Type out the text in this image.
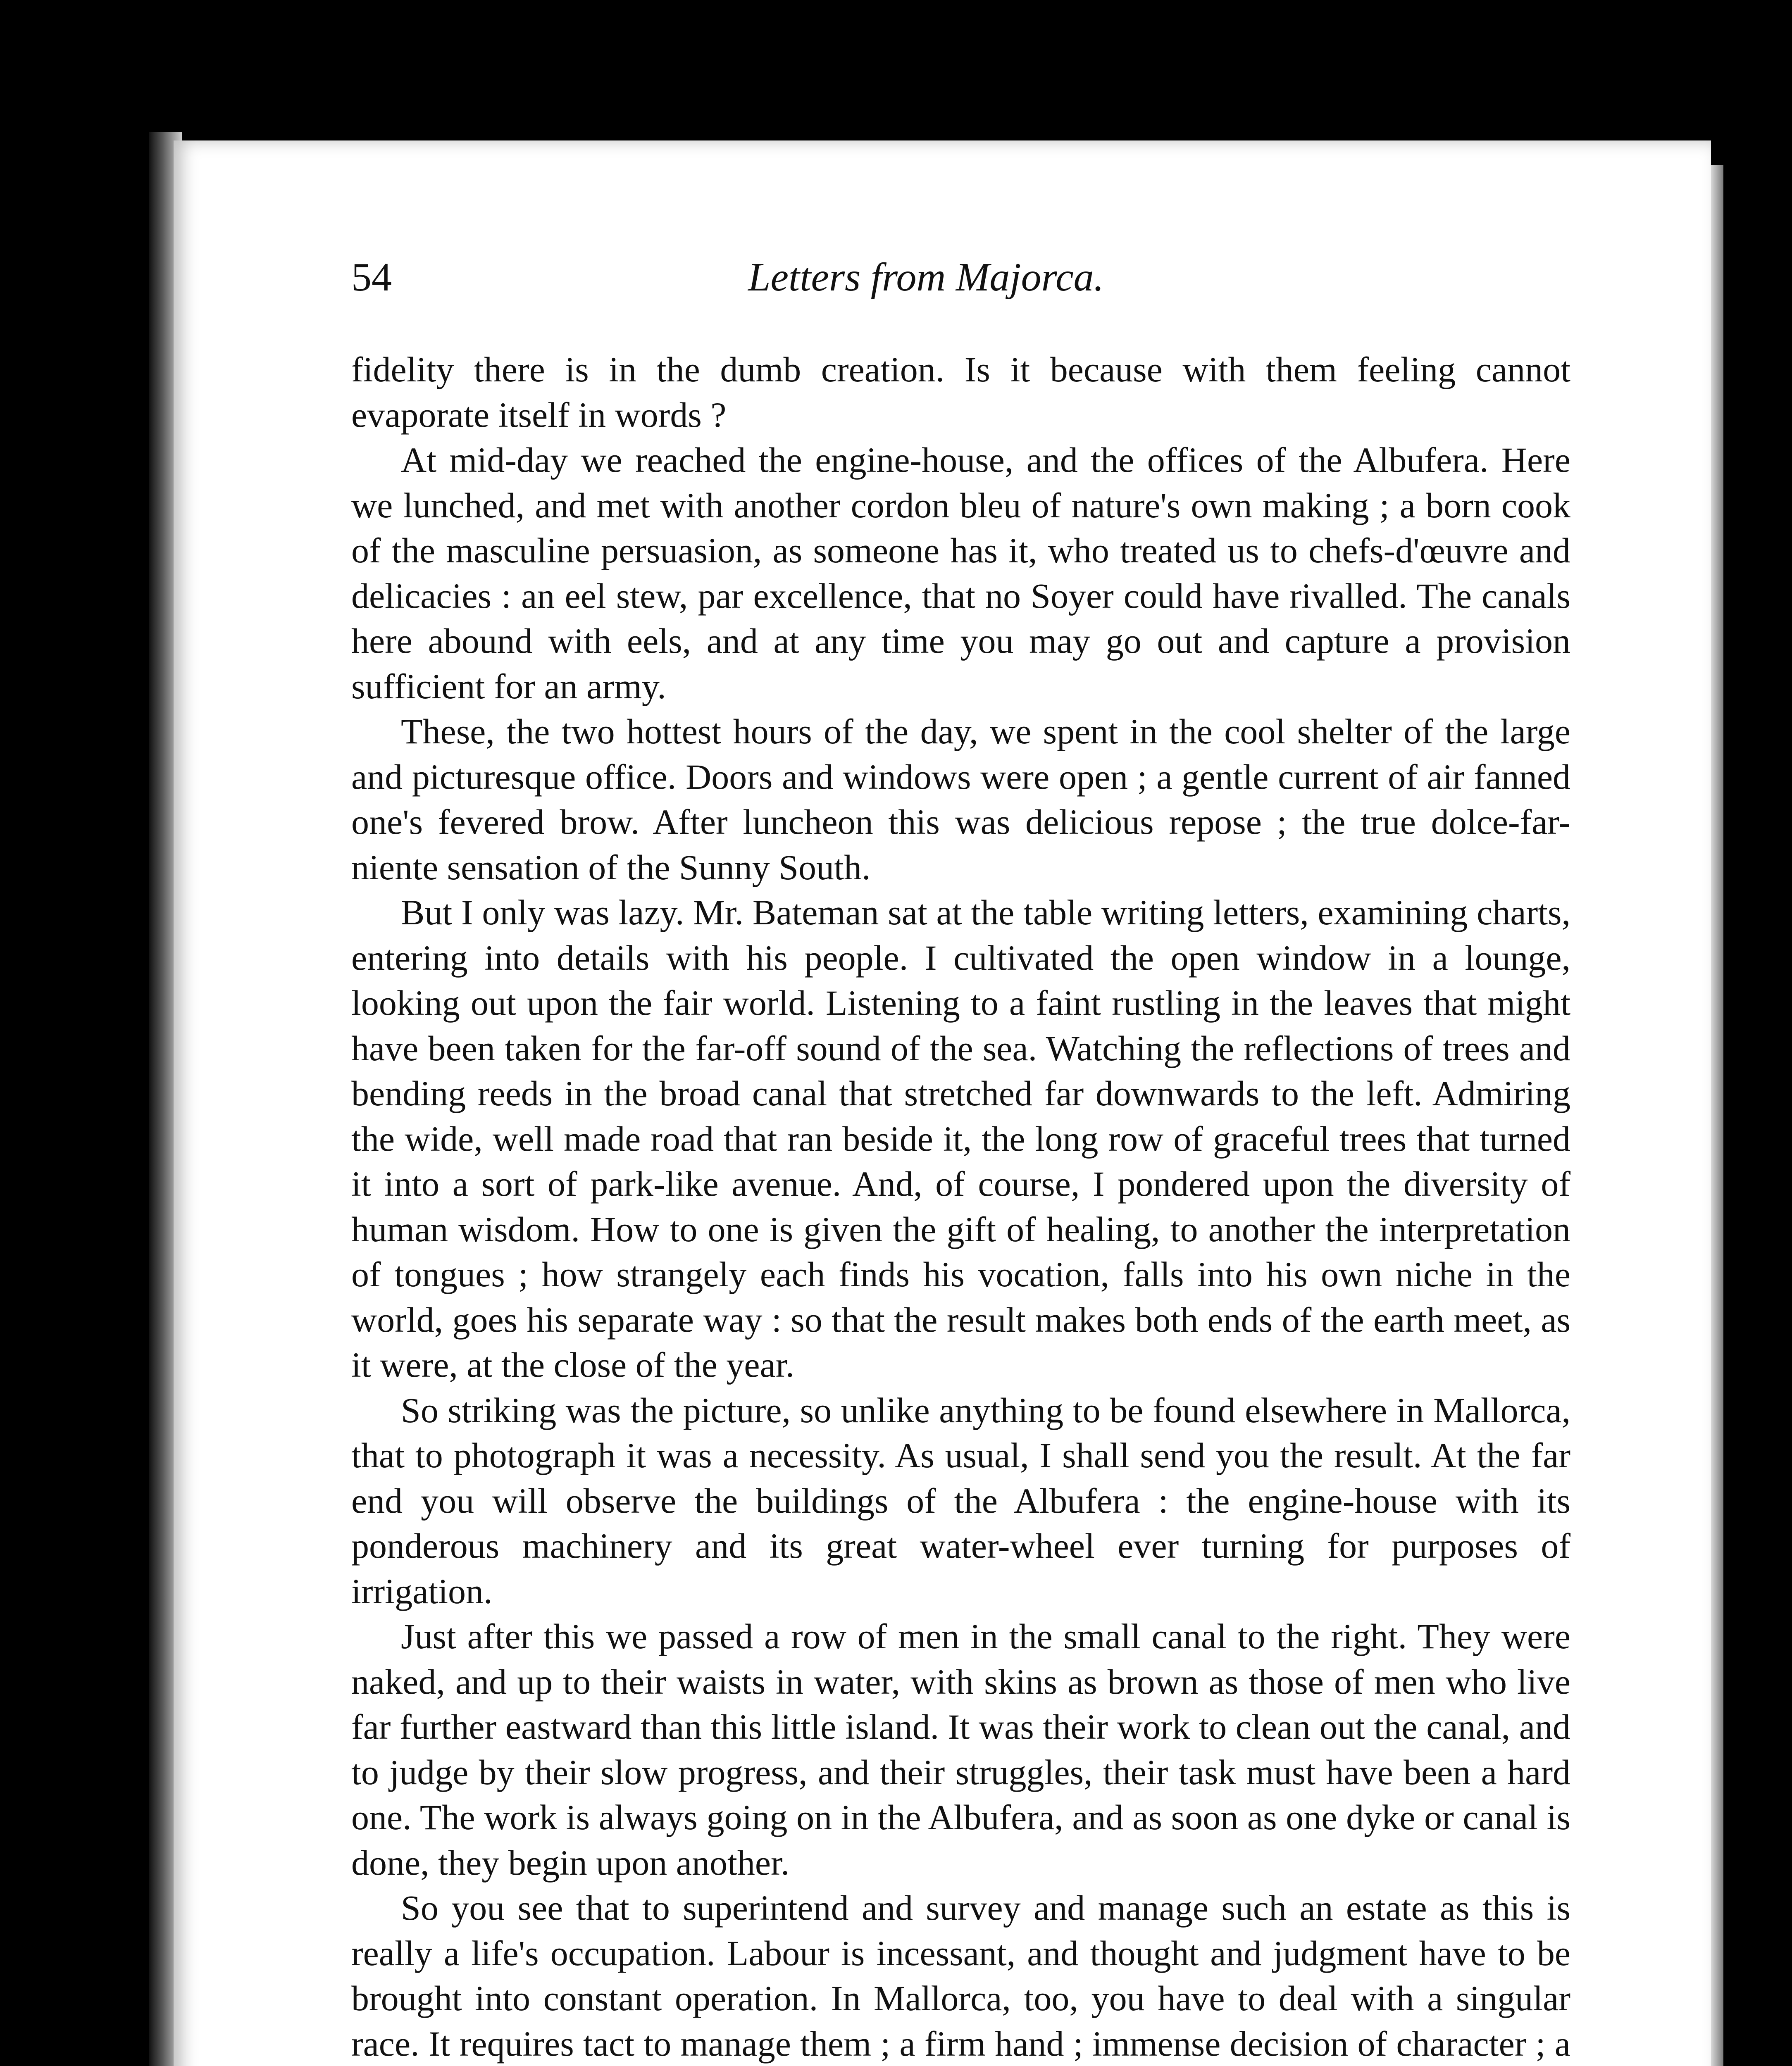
54	Letters from Majorca.

fidelity there is in the dumb creation. Is it because with them feeling cannot evaporate itself in words ?

At mid-day we reached the engine-house, and the offices of the Albufera. Here we lunched, and met with another cordon bleu of nature's own making ; a born cook of the masculine persuasion, as someone has it, who treated us to chefs-d'œuvre and delicacies : an eel stew, par excellence, that no Soyer could have rivalled. The canals here abound with eels, and at any time you may go out and capture a provision sufficient for an army.

These, the two hottest hours of the day, we spent in the cool shelter of the large and picturesque office. Doors and windows were open ; a gentle current of air fanned one's fevered brow. After luncheon this was delicious repose ; the true dolce-far-niente sensation of the Sunny South.

But I only was lazy. Mr. Bateman sat at the table writing letters, examining charts, entering into details with his people. I cultivated the open window in a lounge, looking out upon the fair world. Listening to a faint rustling in the leaves that might have been taken for the far-off sound of the sea. Watching the reflections of trees and bending reeds in the broad canal that stretched far downwards to the left. Admiring the wide, well made road that ran beside it, the long row of graceful trees that turned it into a sort of park-like avenue. And, of course, I pondered upon the diversity of human wisdom. How to one is given the gift of healing, to another the interpretation of tongues ; how strangely each finds his vocation, falls into his own niche in the world, goes his separate way : so that the result makes both ends of the earth meet, as it were, at the close of the year.

So striking was the picture, so unlike anything to be found elsewhere in Mallorca, that to photograph it was a necessity. As usual, I shall send you the result. At the far end you will observe the buildings of the Albufera : the engine-house with its ponderous machinery and its great water-wheel ever turning for purposes of irrigation.

Just after this we passed a row of men in the small canal to the right. They were naked, and up to their waists in water, with skins as brown as those of men who live far further eastward than this little island. It was their work to clean out the canal, and to judge by their slow progress, and their struggles, their task must have been a hard one. The work is always going on in the Albufera, and as soon as one dyke or canal is done, they begin upon another.

So you see that to superintend and survey and manage such an estate as this is really a life's occupation. Labour is incessant, and thought and judgment have to be brought into constant operation. In Mallorca, too, you have to deal with a singular race. It requires tact to manage them ; a firm hand ; immense decision of character ; a
